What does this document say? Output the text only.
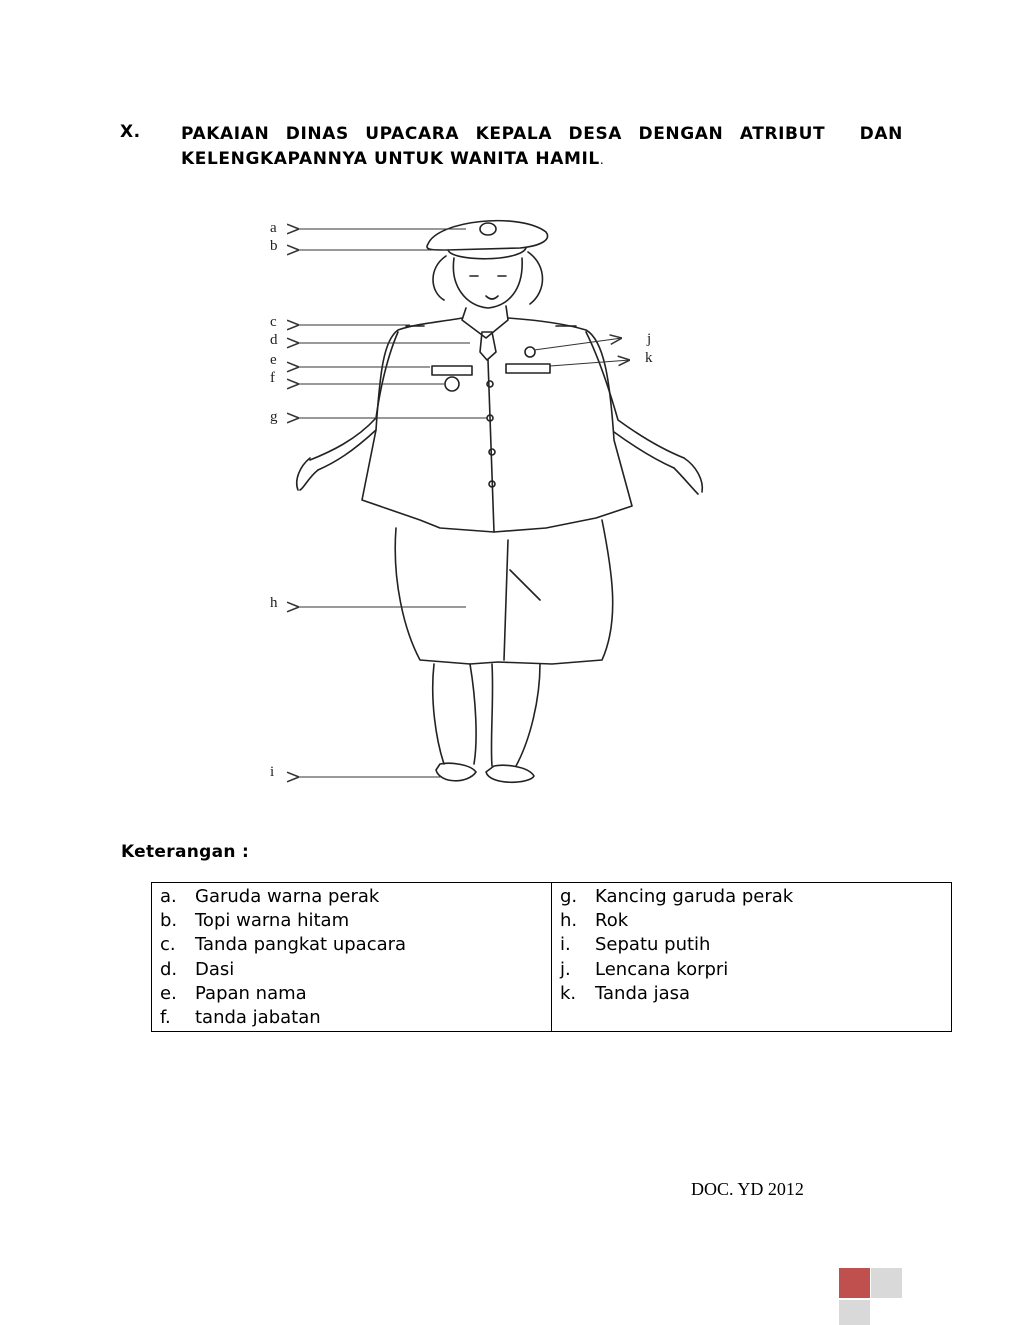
X. PAKAIAN DINAS UPACARA KEPALA DESA DENGAN ATRIBUT DAN
KELENGKAPANNYA UNTUK WANITA HAMIL.
a
b
c
d
e
f
g
h
i
j
k
Keterangan :
a.	Garuda warna perak
b. Topi warna hitam
c.	Tanda pangkat upacara
d. Dasi
e.	Papan nama
f.	tanda jabatan

g. Kancing garuda perak
h. Rok
i.	Sepatu putih
j.	Lencana korpri
k.	Tanda jasa
DOC. YD 2012
